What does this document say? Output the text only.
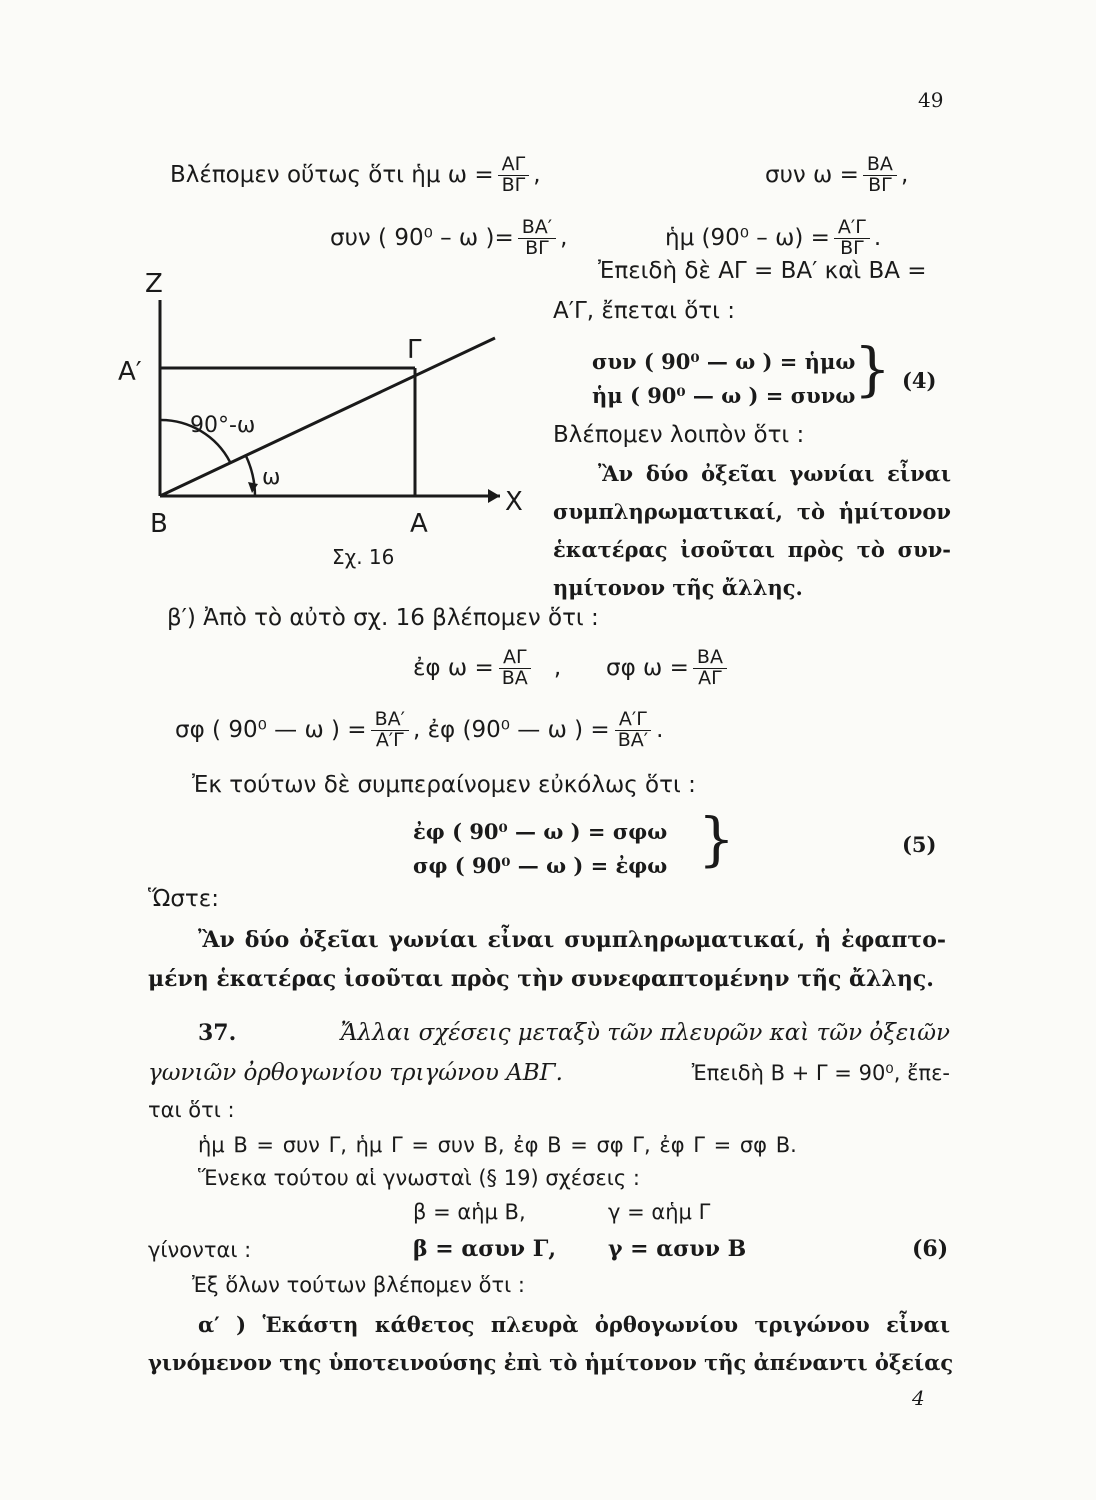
49
Βλέπομεν οὕτως ὅτι ἡμ $\omega = \frac{A\Gamma}{B\Gamma}$ ,	συν $\omega = \frac{BA}{B\Gamma}$ ,
συν ( 90⁰ – ω )= $\frac{BA'}{B\Gamma}$ ,	ἡμ $(90^0 - \omega) = \frac{A'\Gamma}{B\Gamma}$ .
Ἐπειδὴ δὲ ΑΓ = ΒΑ′ καὶ ΒΑ =
Α′Γ, ἔπεται ὅτι :
συν ( 90⁰ — ω ) = ἡμω
ἡμ ( 90⁰ — ω ) = συνω
} (4)
Βλέπομεν λοιπὸν ὅτι :
Ἂν δύο ὀξεῖαι γωνίαι εἶναι
συμπληρωματικαί, τὸ ἡμίτονον
ἑκατέρας ἰσοῦται πρὸς τὸ συν-
ημίτονον τῆς ἄλλης.
Z
Α′
Γ
90°-ω
ω
Β	Α
X
Σχ. 16
β′) Ἀπὸ τὸ αὐτὸ σχ. 16 βλέπομεν ὅτι :
ἐφ $\omega = \frac{A\Gamma}{BA}$ , σφ $\omega = \frac{BA}{A\Gamma}$
σφ ( 90⁰ — ω ) = $\frac{BA'}{A'\Gamma}$ , ἐφ (90⁰ — ω ) = $\frac{A'\Gamma}{BA'}$ .
Ἐκ τούτων δὲ συμπεραίνομεν εὐκόλως ὅτι :
ἐφ ( 90⁰ — ω ) = σφω
σφ ( 90⁰ — ω ) = ἐφω }	(5)
Ὥστε:
Ἂν δύο ὀξεῖαι γωνίαι εἶναι συμπληρωματικαί, ἡ ἐφαπτο-
μένη ἑκατέρας ἰσοῦται πρὸς τὴν συνεφαπτομένην τῆς ἄλλης.
37.	Ἄλλαι σχέσεις μεταξὺ τῶν πλευρῶν καὶ τῶν ὀξειῶν
γωνιῶν ὀρθογωνίου τριγώνου ΑΒΓ.	Ἐπειδὴ Β + Γ = 90⁰, ἔπε-
ται ὅτι :
ἡμ Β = συν Γ, ἡμ Γ = συν Β, ἐφ Β = σφ Γ, ἐφ Γ = σφ Β.
Ἕνεκα τούτου αἱ γνωσταὶ (§ 19) σχέσεις :
β = αἡμ Β,	γ = αἡμ Γ
γίνονται :	β = ασυν Γ, γ = ασυν Β	(6)
Ἐξ ὅλων τούτων βλέπομεν ὅτι :
α′ ) Ἑκάστη κάθετος πλευρὰ ὀρθογωνίου τριγώνου εἶναι
γινόμενον της ὑποτεινούσης ἐπὶ τὸ ἡμίτονον τῆς ἀπέναντι ὀξείας
4
